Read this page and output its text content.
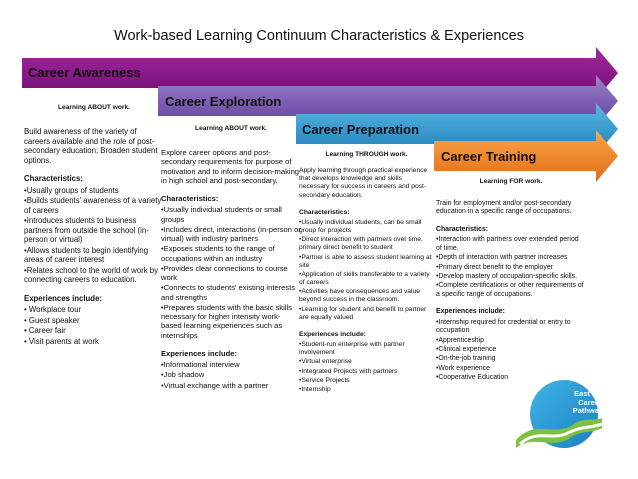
Work-based Learning Continuum Characteristics & Experiences
Career Awareness
Career Exploration
Career Preparation
Career Training
Learning ABOUT work.

Build awareness of the variety of careers available and the role of post-secondary education; Broaden student options.

Characteristics:
•Usually groups of students
•Builds students' awareness of a variety of careers
•Introduces students to business partners from outside the school (in-person or virtual)
•Allows students to begin identifying areas of career interest
•Relates school to the world of work by connecting careers to education.
Experiences include:
• Workplace tour
• Guest speaker
• Career fair
• Visit parents at work
Learning ABOUT work.

Explore career options and post-secondary requirements for purpose of motivation and to inform decision-making in high school and post-secondary.

Characteristics:
•Usually individual students or small groups
•Includes direct, interactions (in-person or virtual) with industry partners
•Exposes students to the range of occupations within an industry
•Provides clear connections to course work
•Connects to students' existing interests and strengths
•Prepares students with the basic skills necessary for higher intensity work-based learning experiences such as internships
Experiences include:
•Informational interview
•Job shadow
•Virtual exchange with a partner
Learning THROUGH work.

Apply learning through practical experience that develops knowledge and skills necessary for success in careers and post-secondary education.

Characteristics:
•Usually individual students, can be small group for projects
•Direct interaction with partners over time, primary direct benefit to student
•Partner is able to assess student learning at site
•Application of skills transferable to a variety of careers
•Activities have consequences and value beyond success in the classroom.
•Learning for student and benefit to partner are equally valued
Experiences include:
•Student-run enterprise with partner involvement
•Virtual enterprise
•Integrated Projects with partners
•Service Projects
•Internship
Learning FOR work.

Train for employment and/or post-secondary education in a specific range of occupations.

Characteristics:
•Interaction with partners over extended period of time.
•Depth of interaction with partner increases
•Primary direct benefit to the employer
•Develop mastery of occupation-specific skills.
•Complete certifications or other requirements of a specific range of occupations.
Experiences include:
•Internship required for credential or entry to occupation
•Apprenticeship
•Clinical experience
•On-the-job training
•Work experience
•Cooperative Education
East Bay
Career Pathways
